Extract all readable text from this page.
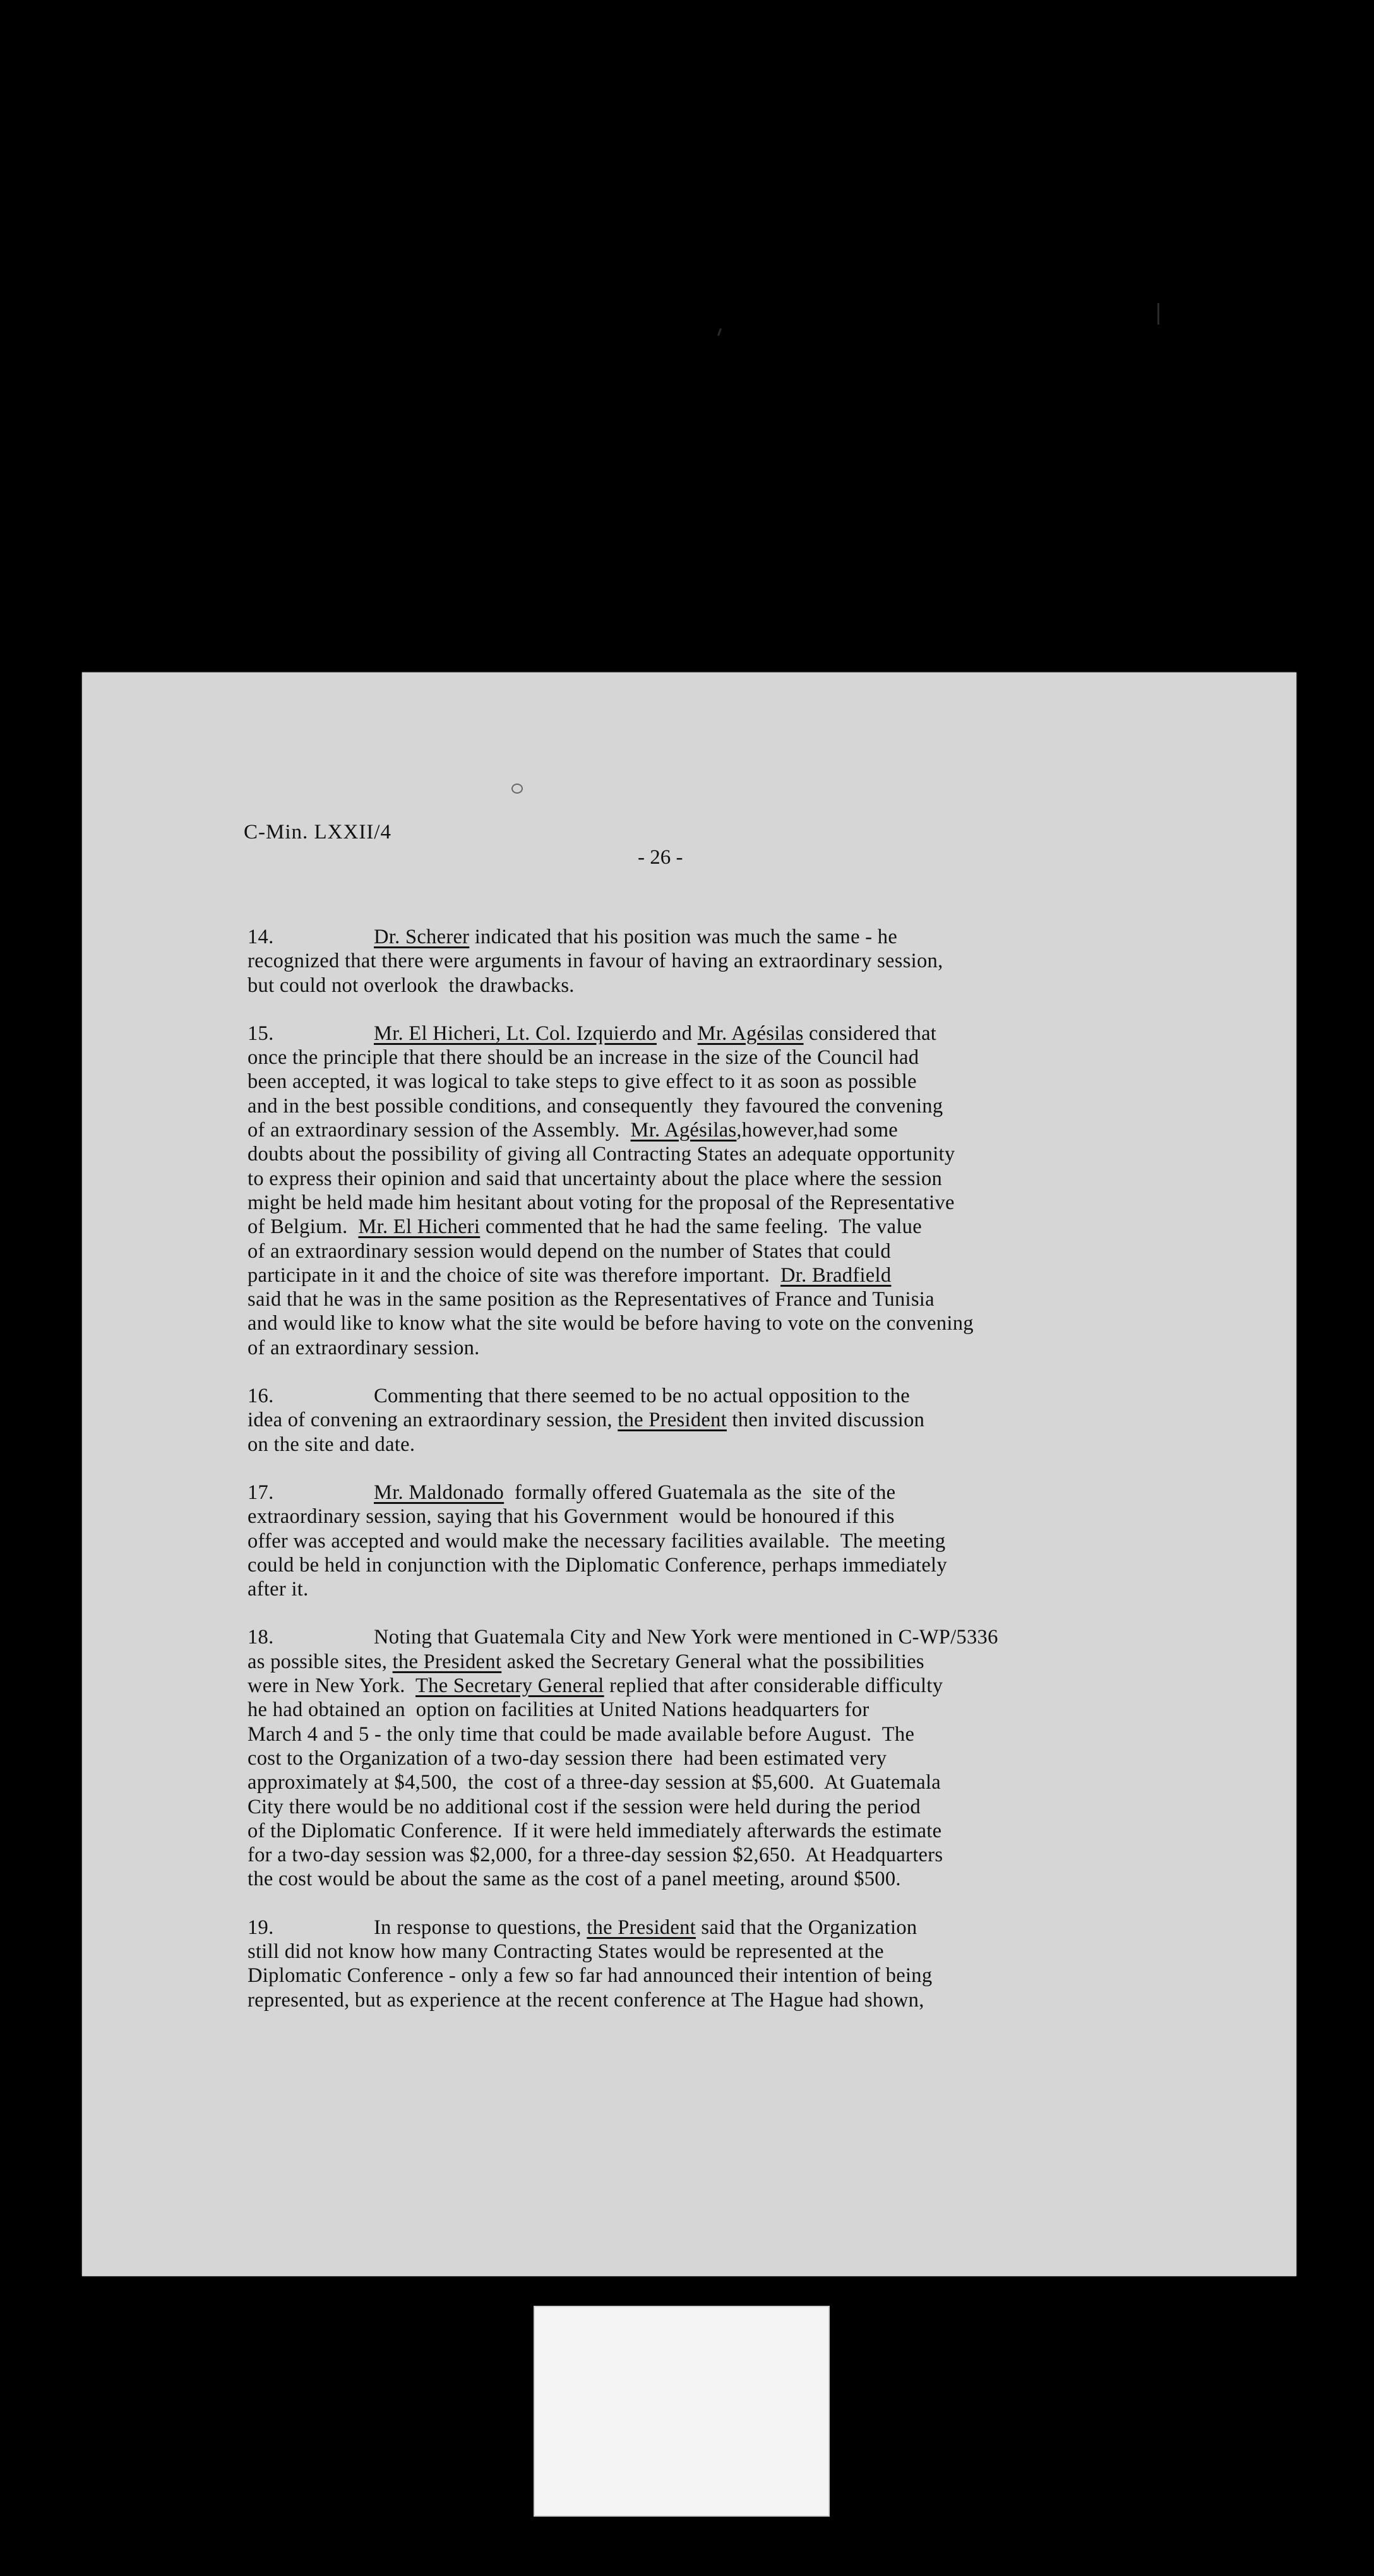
C-Min. LXXII/4
- 26 -
14.	Dr. Scherer indicated that his position was much the same - he
recognized that there were arguments in favour of having an extraordinary session,
but could not overlook  the drawbacks.
15.	Mr. El Hicheri, Lt. Col. Izquierdo and Mr. Agésilas considered that
once the principle that there should be an increase in the size of the Council had
been accepted, it was logical to take steps to give effect to it as soon as possible
and in the best possible conditions, and consequently  they favoured the convening
of an extraordinary session of the Assembly.  Mr. Agésilas,however,had some
doubts about the possibility of giving all Contracting States an adequate opportunity
to express their opinion and said that uncertainty about the place where the session
might be held made him hesitant about voting for the proposal of the Representative
of Belgium.  Mr. El Hicheri commented that he had the same feeling.  The value
of an extraordinary session would depend on the number of States that could
participate in it and the choice of site was therefore important.  Dr. Bradfield
said that he was in the same position as the Representatives of France and Tunisia
and would like to know what the site would be before having to vote on the convening
of an extraordinary session.
16.	Commenting that there seemed to be no actual opposition to the
idea of convening an extraordinary session, the President then invited discussion
on the site and date.
17.	Mr. Maldonado  formally offered Guatemala as the  site of the
extraordinary session, saying that his Government  would be honoured if this
offer was accepted and would make the necessary facilities available.  The meeting
could be held in conjunction with the Diplomatic Conference, perhaps immediately
after it.
18.	Noting that Guatemala City and New York were mentioned in C-WP/5336
as possible sites, the President asked the Secretary General what the possibilities
were in New York.  The Secretary General replied that after considerable difficulty
he had obtained an  option on facilities at United Nations headquarters for
March 4 and 5 - the only time that could be made available before August.  The
cost to the Organization of a two-day session there  had been estimated very
approximately at $4,500,  the  cost of a three-day session at $5,600.  At Guatemala
City there would be no additional cost if the session were held during the period
of the Diplomatic Conference.  If it were held immediately afterwards the estimate
for a two-day session was $2,000, for a three-day session $2,650.  At Headquarters
the cost would be about the same as the cost of a panel meeting, around $500.
19.	In response to questions, the President said that the Organization
still did not know how many Contracting States would be represented at the
Diplomatic Conference - only a few so far had announced their intention of being
represented, but as experience at the recent conference at The Hague had shown,
